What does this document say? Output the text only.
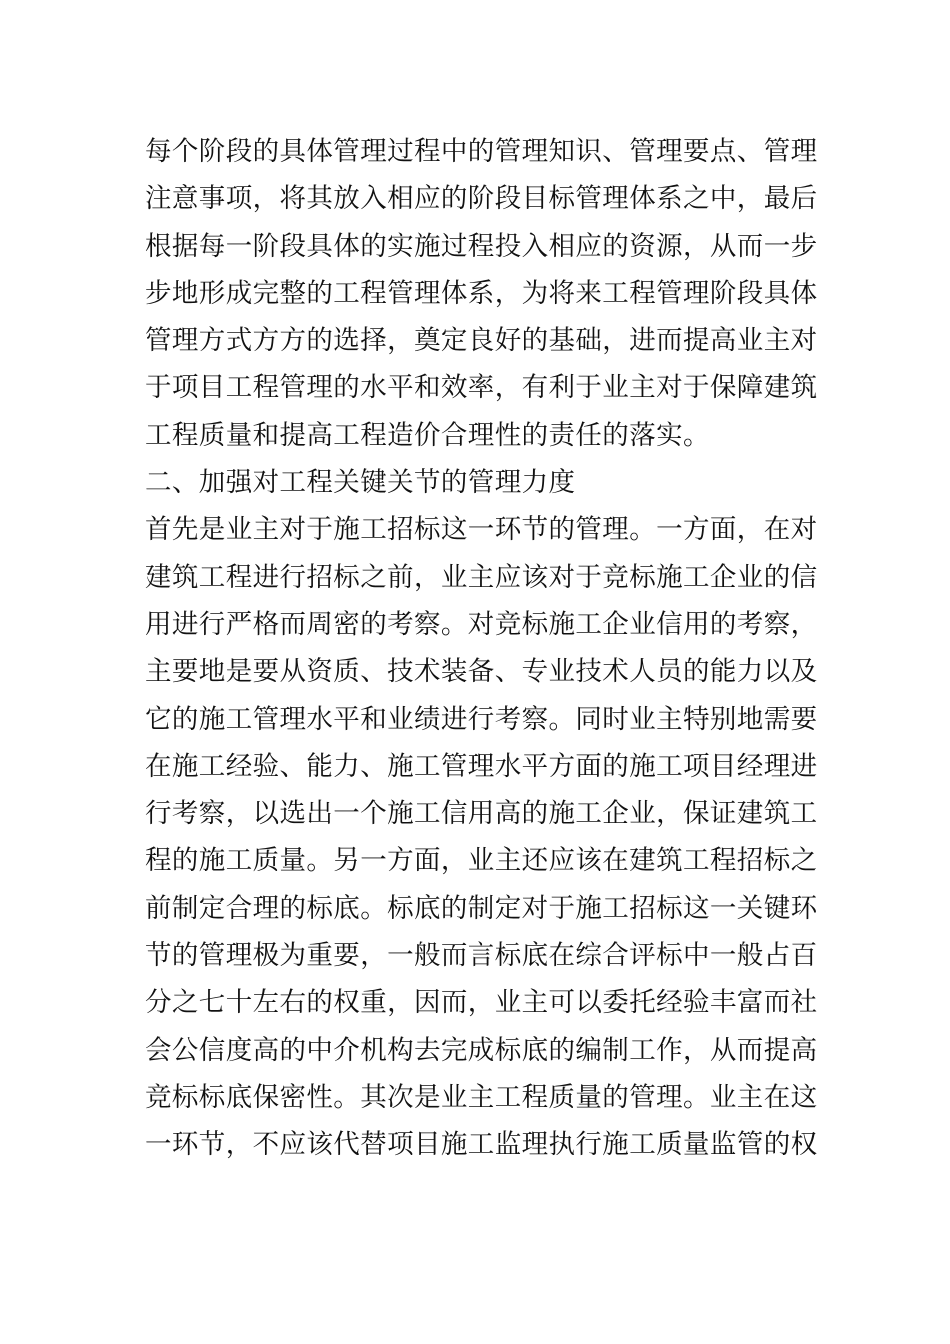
每个阶段的具体管理过程中的管理知识、管理要点、管理
注意事项，将其放入相应的阶段目标管理体系之中，最后
根据每一阶段具体的实施过程投入相应的资源，从而一步
步地形成完整的工程管理体系，为将来工程管理阶段具体
管理方式方方的选择，奠定良好的基础，进而提高业主对
于项目工程管理的水平和效率，有利于业主对于保障建筑
工程质量和提高工程造价合理性的责任的落实。
二、加强对工程关键关节的管理力度
首先是业主对于施工招标这一环节的管理。一方面，在对
建筑工程进行招标之前，业主应该对于竞标施工企业的信
用进行严格而周密的考察。对竞标施工企业信用的考察，
主要地是要从资质、技术装备、专业技术人员的能力以及
它的施工管理水平和业绩进行考察。同时业主特别地需要
在施工经验、能力、施工管理水平方面的施工项目经理进
行考察，以选出一个施工信用高的施工企业，保证建筑工
程的施工质量。另一方面，业主还应该在建筑工程招标之
前制定合理的标底。标底的制定对于施工招标这一关键环
节的管理极为重要，一般而言标底在综合评标中一般占百
分之七十左右的权重，因而，业主可以委托经验丰富而社
会公信度高的中介机构去完成标底的编制工作，从而提高
竞标标底保密性。其次是业主工程质量的管理。业主在这
一环节，不应该代替项目施工监理执行施工质量监管的权
